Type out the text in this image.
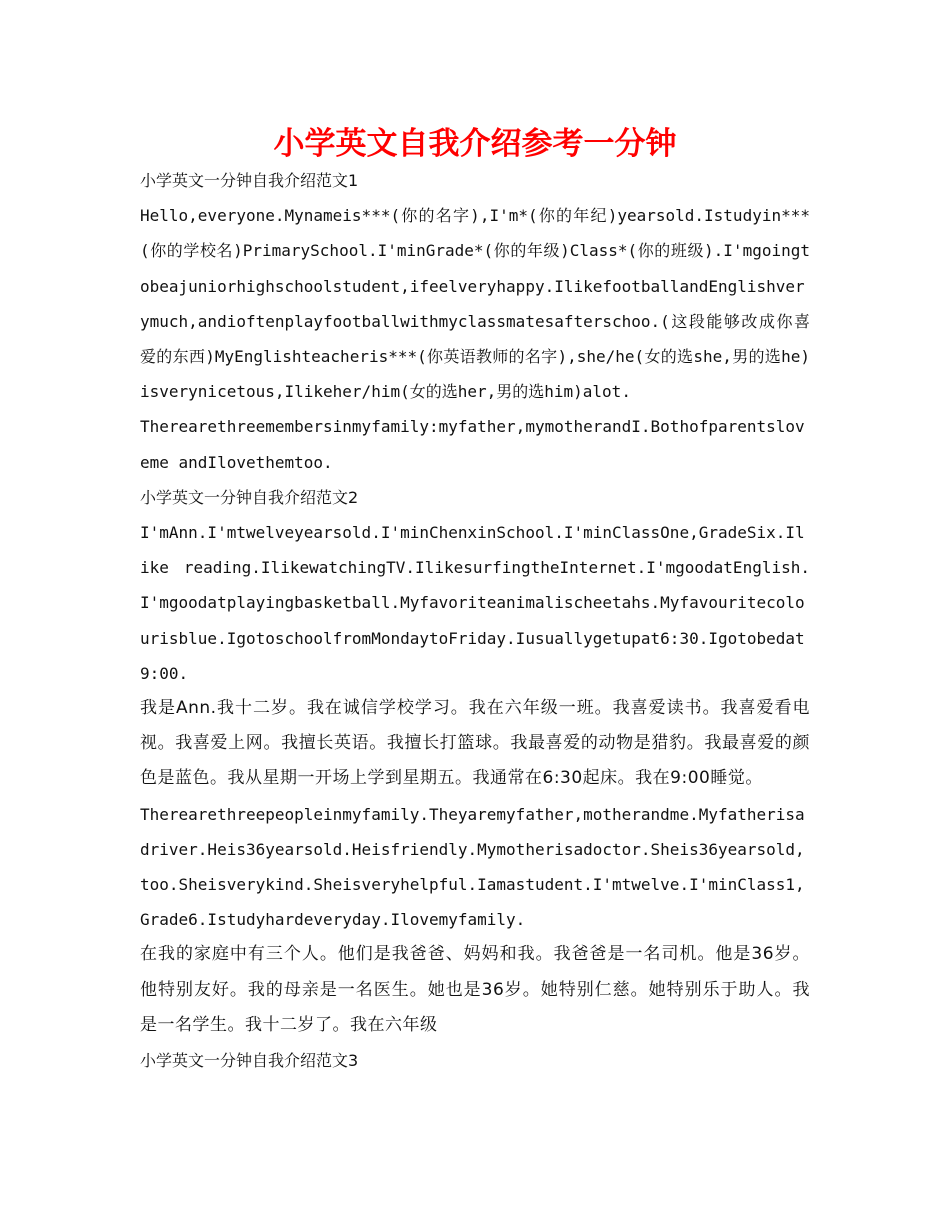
小学英文自我介绍参考一分钟

小学英文一分钟自我介绍范文1

Hello,everyone.Mynameis***(你的名字),I'm*(你的年纪)yearsold.Istudyin***(你的学校名)PrimarySchool.I'minGrade*(你的年级)Class*(你的班级).I'mgoingtobeajuniorhighschoolstudent,ifeelveryhappy.IlikefootballandEnglishverymuch,andioftenplayfootballwithmyclassmatesafterschoo.(这段能够改成你喜爱的东西)MyEnglishteacheris***(你英语教师的名字),she/he(女的选she,男的选he)isverynicetous,Ilikeher/him(女的选her,男的选him)alot.

Therearethreemembersinmyfamily:myfather,mymotherandI.Bothofparentsloveme andIlovethemtoo.

小学英文一分钟自我介绍范文2

I'mAnn.I'mtwelveyearsold.I'minChenxinSchool.I'minClassOne,GradeSix.Ilike reading.IlikewatchingTV.IlikesurfingtheInternet.I'mgoodatEnglish.I'mgoodatplayingbasketball.Myfavoriteanimalischeetahs.Myfavouritecolourisblue.IgotoschoolfromMondaytoFriday.Iusuallygetupat6:30.Igotobedat9:00.

我是Ann.我十二岁。我在诚信学校学习。我在六年级一班。我喜爱读书。我喜爱看电视。我喜爱上网。我擅长英语。我擅长打篮球。我最喜爱的动物是猎豹。我最喜爱的颜色是蓝色。我从星期一开场上学到星期五。我通常在6:30起床。我在9:00睡觉。

Therearethreepeopleinmyfamily.Theyaremyfather,motherandme.Myfatherisadriver.Heis36yearsold.Heisfriendly.Mymotherisadoctor.Sheis36yearsold,too.Sheisverykind.Sheisveryhelpful.Iamastudent.I'mtwelve.I'minClass1,Grade6.Istudyhardeveryday.Ilovemyfamily.

在我的家庭中有三个人。他们是我爸爸、妈妈和我。我爸爸是一名司机。他是36岁。他特别友好。我的母亲是一名医生。她也是36岁。她特别仁慈。她特别乐于助人。我是一名学生。我十二岁了。我在六年级

小学英文一分钟自我介绍范文3
